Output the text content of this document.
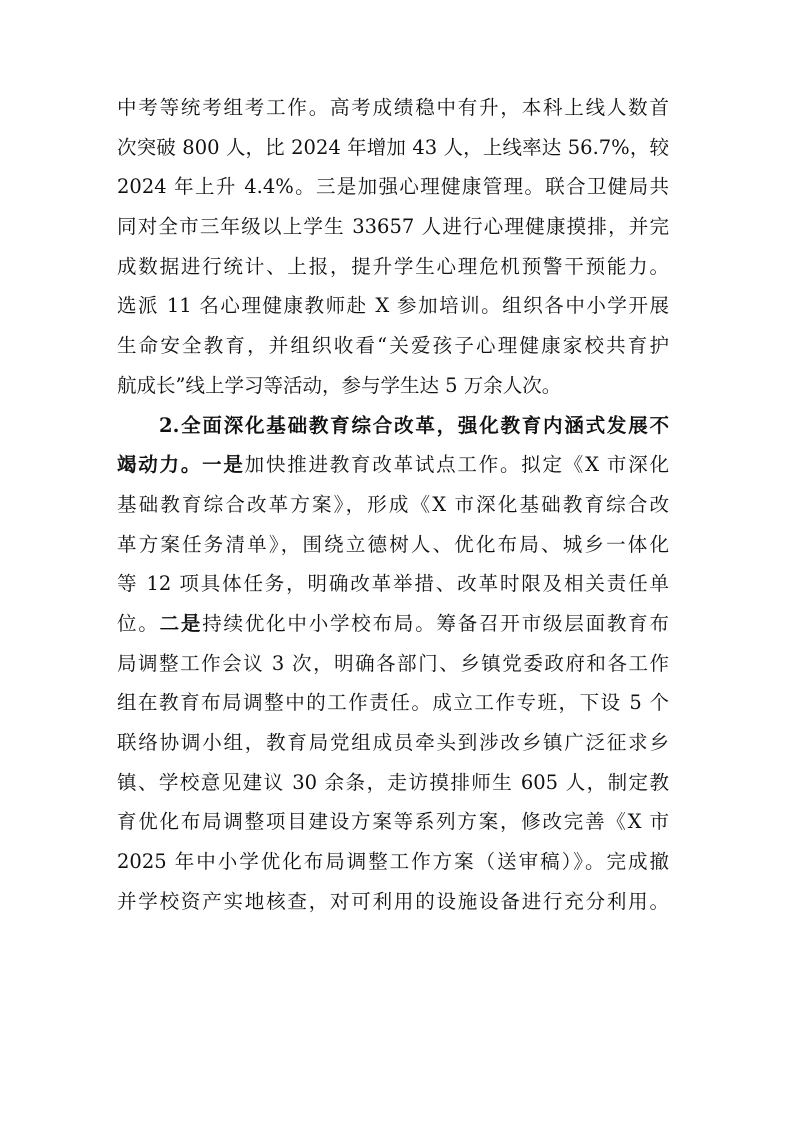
中考等统考组考工作。高考成绩稳中有升，本科上线人数首
次突破 800 人，比 2024 年增加 43 人，上线率达 56.7%，较
2024 年上升 4.4%。三是加强心理健康管理。联合卫健局共
同对全市三年级以上学生 33657 人进行心理健康摸排，并完
成数据进行统计、上报，提升学生心理危机预警干预能力。
选派 11 名心理健康教师赴 X 参加培训。组织各中小学开展
生命安全教育，并组织收看“关爱孩子心理健康家校共育护
航成长”线上学习等活动，参与学生达 5 万余人次。
2.全面深化基础教育综合改革，强化教育内涵式发展不
竭动力。一是加快推进教育改革试点工作。拟定《X 市深化
基础教育综合改革方案》，形成《X 市深化基础教育综合改
革方案任务清单》，围绕立德树人、优化布局、城乡一体化
等 12 项具体任务，明确改革举措、改革时限及相关责任单
位。二是持续优化中小学校布局。筹备召开市级层面教育布
局调整工作会议 3 次，明确各部门、乡镇党委政府和各工作
组在教育布局调整中的工作责任。成立工作专班，下设 5 个
联络协调小组，教育局党组成员牵头到涉改乡镇广泛征求乡
镇、学校意见建议 30 余条，走访摸排师生 605 人，制定教
育优化布局调整项目建设方案等系列方案，修改完善《X 市
2025 年中小学优化布局调整工作方案（送审稿）》。完成撤
并学校资产实地核查，对可利用的设施设备进行充分利用。
